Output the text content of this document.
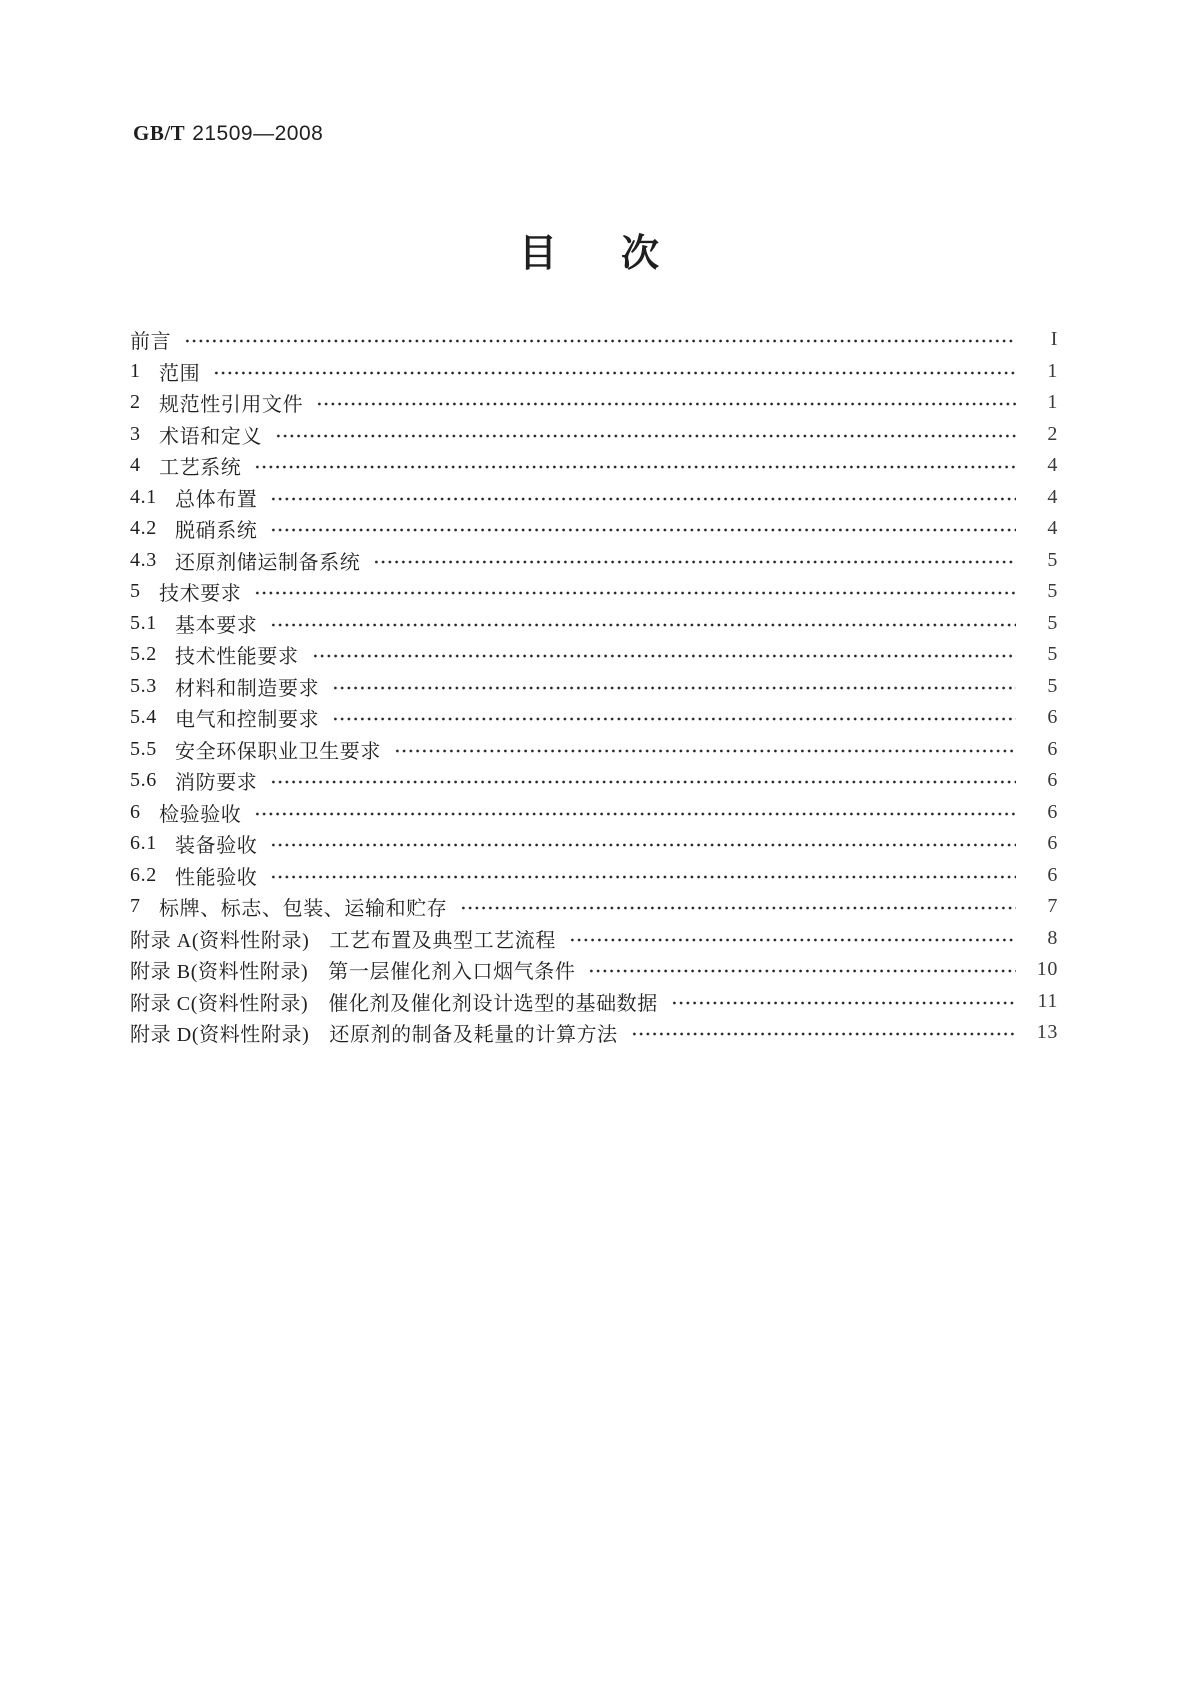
GB/T 21509—2008
目　次
前言	I
1 范围	1
2 规范性引用文件	1
3 术语和定义	2
4 工艺系统	4
4.1 总体布置	4
4.2 脱硝系统	4
4.3 还原剂储运制备系统	5
5 技术要求	5
5.1 基本要求	5
5.2 技术性能要求	5
5.3 材料和制造要求	5
5.4 电气和控制要求	6
5.5 安全环保职业卫生要求	6
5.6 消防要求	6
6 检验验收	6
6.1 装备验收	6
6.2 性能验收	6
7 标牌、标志、包装、运输和贮存	7
附录 A(资料性附录) 工艺布置及典型工艺流程	8
附录 B(资料性附录) 第一层催化剂入口烟气条件	10
附录 C(资料性附录) 催化剂及催化剂设计选型的基础数据	11
附录 D(资料性附录) 还原剂的制备及耗量的计算方法	13
